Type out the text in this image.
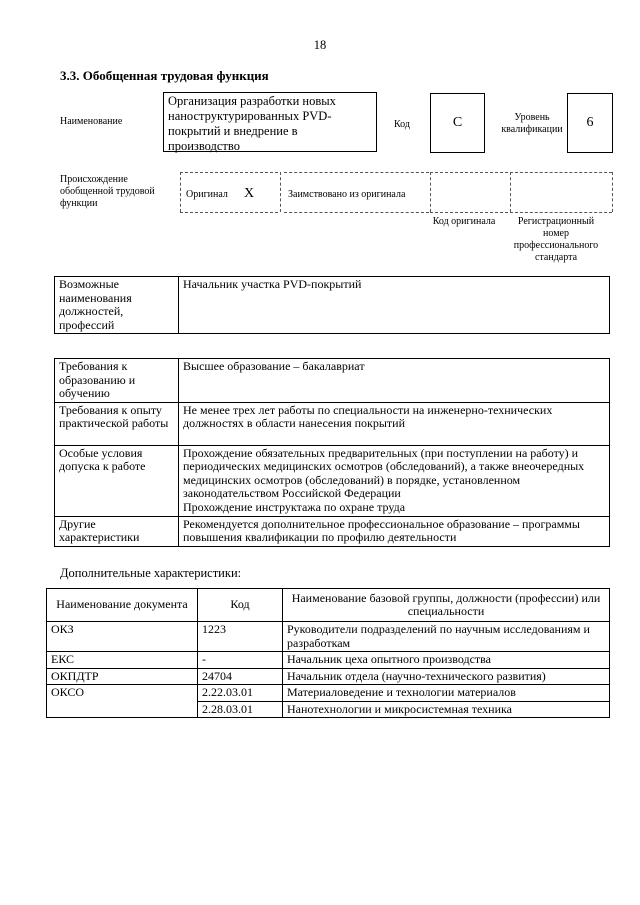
18
3.3. Обобщенная трудовая функция
Наименование
Организация разработки новых наноструктурированных PVD-покрытий и внедрение в производство
Код	C	Уровень квалификации	6
Происхождение обобщенной трудовой функции
Оригинал X	Заимствовано из оригинала
Код оригинала	Регистрационный номер профессионального стандарта
Возможные наименования должностей, профессий	Начальник участка PVD-покрытий
Требования к образованию и обучению	Высшее образование – бакалавриат
Требования к опыту практической работы	Не менее трех лет работы по специальности на инженерно-технических должностях в области нанесения покрытий
Особые условия допуска к работе	Прохождение обязательных предварительных (при поступлении на работу) и периодических медицинских осмотров (обследований), а также внеочередных медицинских осмотров (обследований) в порядке, установленном законодательством Российской Федерации
Прохождение инструктажа по охране труда
Другие характеристики	Рекомендуется дополнительное профессиональное образование – программы повышения квалификации по профилю деятельности
Дополнительные характеристики:
Наименование документа	Код	Наименование базовой группы, должности (профессии) или специальности
ОКЗ	1223	Руководители подразделений по научным исследованиям и разработкам
ЕКС	-	Начальник цеха опытного производства
ОКПДТР	24704	Начальник отдела (научно-технического развития)
ОКСО	2.22.03.01	Материаловедение и технологии материалов
	2.28.03.01	Нанотехнологии и микросистемная техника
